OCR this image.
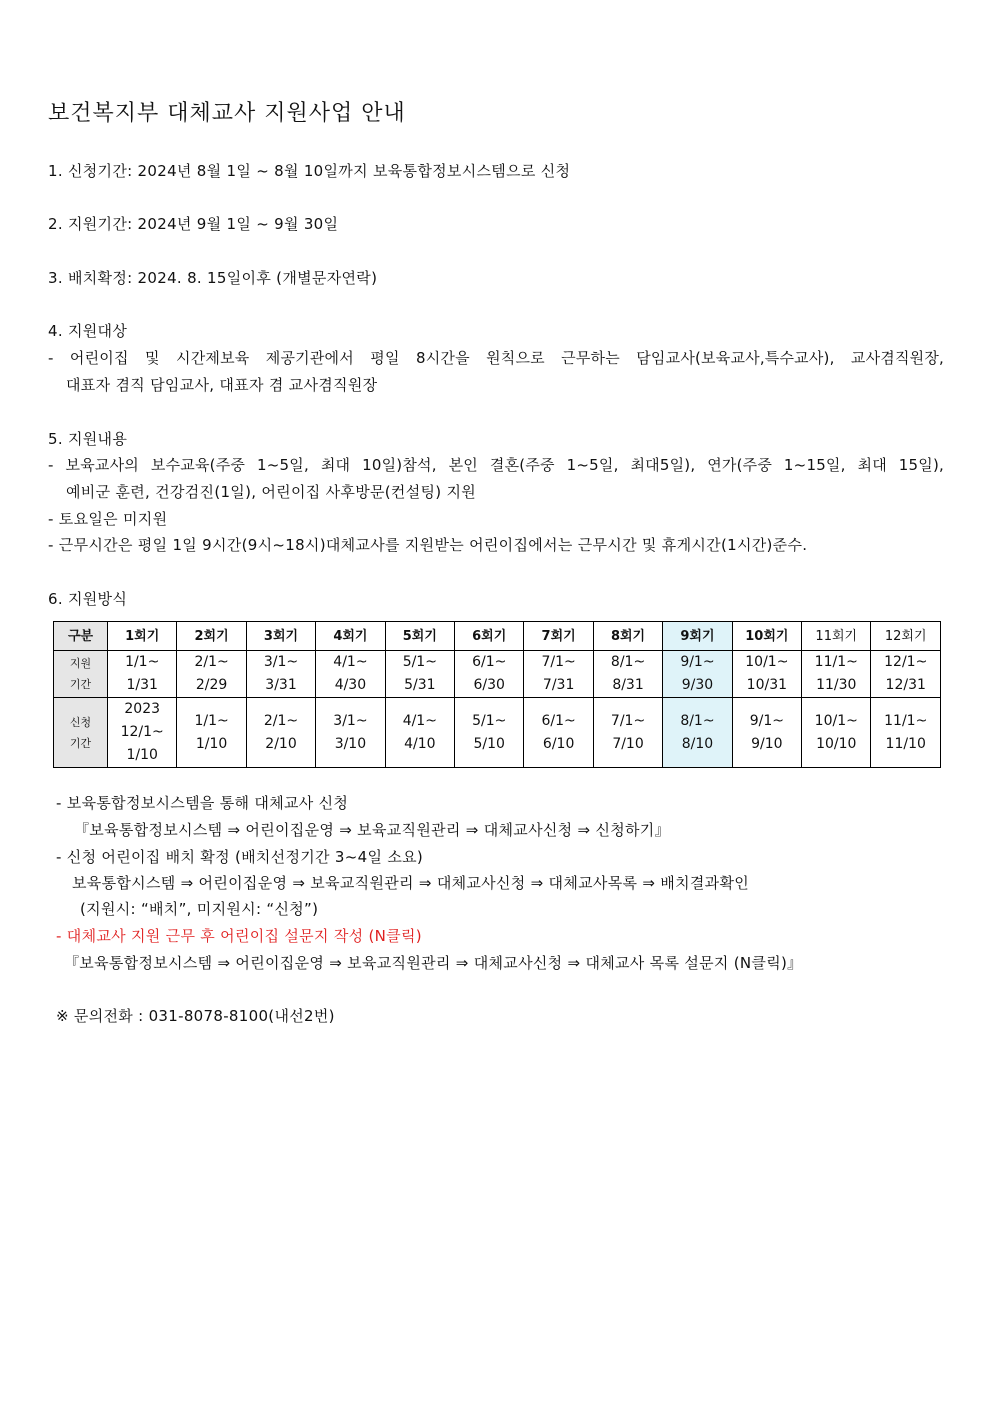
보건복지부 대체교사 지원사업 안내
1. 신청기간: 2024년 8월 1일 ~ 8월 10일까지 보육통합정보시스템으로 신청
2. 지원기간: 2024년 9월 1일 ~ 9월 30일
3. 배치확정: 2024. 8. 15일이후 (개별문자연락)
4. 지원대상
- 어린이집 및 시간제보육 제공기관에서 평일 8시간을 원칙으로 근무하는 담임교사(보육교사,특수교사), 교사겸직원장,
대표자 겸직 담임교사, 대표자 겸 교사겸직원장
5. 지원내용
- 보육교사의 보수교육(주중 1~5일, 최대 10일)참석, 본인 결혼(주중 1~5일, 최대5일), 연가(주중 1~15일, 최대 15일),
예비군 훈련, 건강검진(1일), 어린이집 사후방문(컨설팅) 지원
- 토요일은 미지원
- 근무시간은 평일 1일 9시간(9시~18시)대체교사를 지원받는 어린이집에서는 근무시간 및 휴게시간(1시간)준수.
6. 지원방식
구분	1회기	2회기	3회기	4회기	5회기	6회기	7회기	8회기	9회기	10회기	11회기	12회기

지원
기간	1/1~
1/31	2/1~
2/29	3/1~
3/31	4/1~
4/30	5/1~
5/31	6/1~
6/30	7/1~
7/31	8/1~
8/31	9/1~
9/30	10/1~
10/31	11/1~
11/30	12/1~
12/31

신청
기간	2023
12/1~
1/10	1/1~
1/10	2/1~
2/10	3/1~
3/10	4/1~
4/10	5/1~
5/10	6/1~
6/10	7/1~
7/10	8/1~
8/10	9/1~
9/10	10/1~
10/10	11/1~
11/10
- 보육통합정보시스템을 통해 대체교사 신청
『보육통합정보시스템 ⇒ 어린이집운영 ⇒ 보육교직원관리 ⇒ 대체교사신청 ⇒ 신청하기』
- 신청 어린이집 배치 확정 (배치선정기간 3~4일 소요)
보육통합시스템 ⇒ 어린이집운영 ⇒ 보육교직원관리 ⇒ 대체교사신청 ⇒ 대체교사목록 ⇒ 배치결과확인
(지원시: “배치”, 미지원시: “신청”)
- 대체교사 지원 근무 후 어린이집 설문지 작성 (N클릭)
『보육통합정보시스템 ⇒ 어린이집운영 ⇒ 보육교직원관리 ⇒ 대체교사신청 ⇒ 대체교사 목록 설문지 (N클릭)』
※ 문의전화 : 031-8078-8100(내선2번)
